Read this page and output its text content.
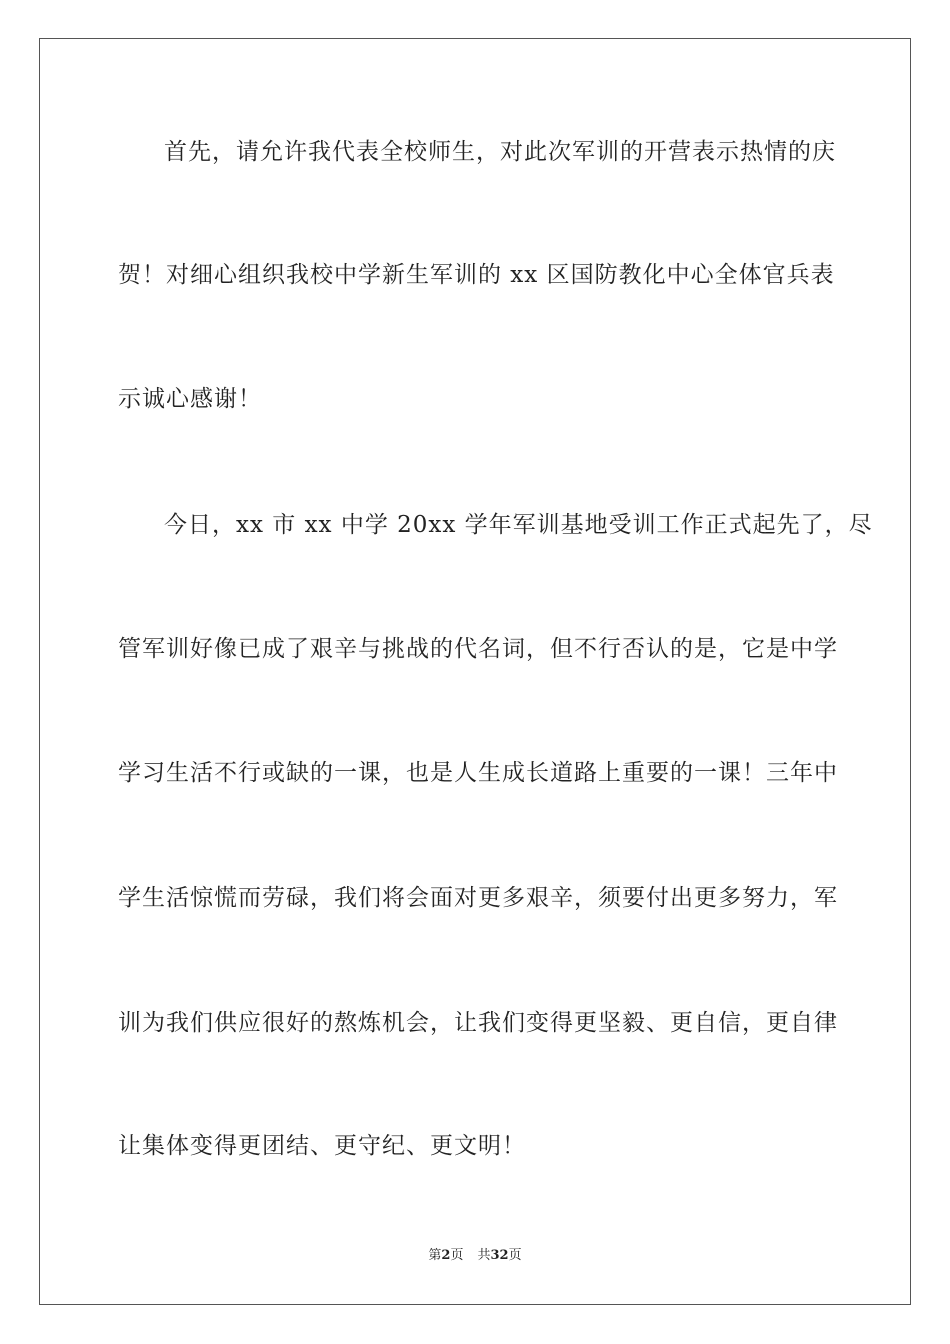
首先，请允许我代表全校师生，对此次军训的开营表示热情的庆
贺！对细心组织我校中学新生军训的 xx 区国防教化中心全体官兵表
示诚心感谢！
今日，xx 市 xx 中学 20xx 学年军训基地受训工作正式起先了，尽
管军训好像已成了艰辛与挑战的代名词，但不行否认的是，它是中学
学习生活不行或缺的一课，也是人生成长道路上重要的一课！三年中
学生活惊慌而劳碌，我们将会面对更多艰辛，须要付出更多努力，军
训为我们供应很好的熬炼机会，让我们变得更坚毅、更自信，更自律
让集体变得更团结、更守纪、更文明！
第2页 共32页
